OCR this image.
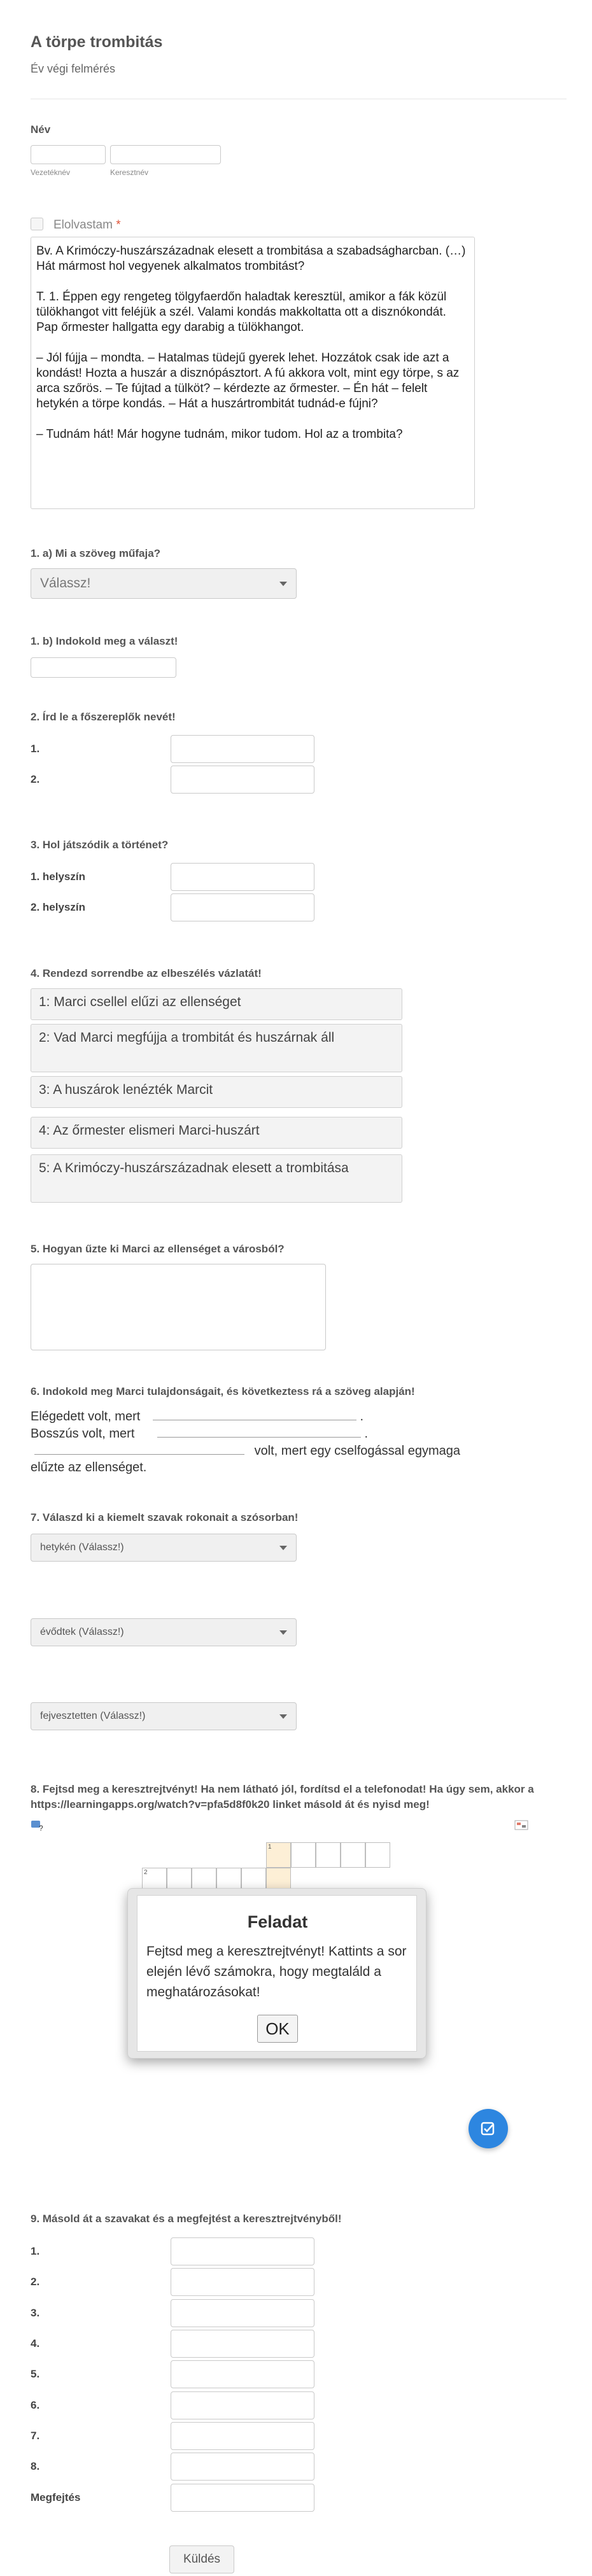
A törpe trombitás
Év végi felmérés
Név
Vezetéknév	Keresztnév
Elolvastam *
Bv. A Krimóczy-huszárszázadnak elesett a trombitása a szabadságharcban. (…) Hát mármost hol vegyenek alkalmatos trombitást?

T. 1. Éppen egy rengeteg tölgyfaerdőn haladtak keresztül, amikor a fák közül tülökhangot vitt feléjük a szél. Valami kondás makkoltatta ott a disznókondát. Pap őrmester hallgatta egy darabig a tülökhangot.

– Jól fújja – mondta. – Hatalmas tüdejű gyerek lehet. Hozzátok csak ide azt a kondást! Hozta a huszár a disznópásztort. A fú akkora volt, mint egy törpe, s az arca szőrös. – Te fújtad a tülköt? – kérdezte az őrmester. – Én hát – felelt hetykén a törpe kondás. – Hát a huszártrombitát tudnád-e fújni?

– Tudnám hát! Már hogyne tudnám, mikor tudom. Hol az a trombita?
1. a) Mi a szöveg műfaja?
Válassz!
1. b) Indokold meg a választ!
2. Írd le a főszereplők nevét!
1.
2.
3. Hol játszódik a történet?
1. helyszín
2. helyszín
4. Rendezd sorrendbe az elbeszélés vázlatát!
1: Marci csellel elűzi az ellenséget
2: Vad Marci megfújja a trombitát és huszárnak áll
3: A huszárok lenézték Marcit
4: Az őrmester elismeri Marci-huszárt
5: A Krimóczy-huszárszázadnak elesett a trombitása
5. Hogyan űzte ki Marci az ellenséget a városból?
6. Indokold meg Marci tulajdonságait, és következtess rá a szöveg alapján!
Elégedett volt, mert	.
Bosszús volt, mert	.
volt, mert egy cselfogással egymaga
elűzte az ellenséget.
7. Válaszd ki a kiemelt szavak rokonait a szósorban!
hetykén (Válassz!)
évődtek (Válassz!)
fejvesztetten (Válassz!)
8. Fejtsd meg a keresztrejtvényt! Ha nem látható jól, fordítsd el a telefonodat! Ha úgy sem, akkor a https://learningapps.org/watch?v=pfa5d8f0k20 linket másold át és nyisd meg!
?
1
2
Feladat
Fejtsd meg a keresztrejtvényt! Kattints a sor elején lévő számokra, hogy megtaláld a meghatározásokat!
OK
9. Másold át a szavakat és a megfejtést a keresztrejtvényből!
1.
2.
3.
4.
5.
6.
7.
8.
Megfejtés
Küldés
